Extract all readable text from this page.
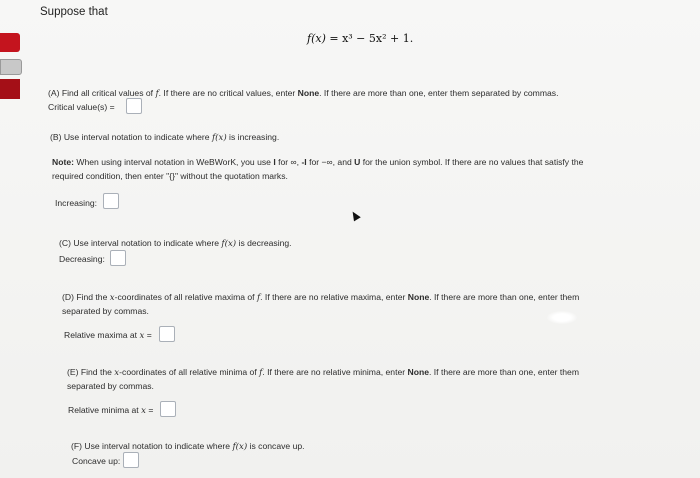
Suppose that
f(x) = x³ − 5x² + 1.
(A) Find all critical values of f. If there are no critical values, enter None. If there are more than one, enter them separated by commas.
Critical value(s) =
(B) Use interval notation to indicate where f(x) is increasing.
Note: When using interval notation in WeBWorK, you use I for ∞, -I for −∞, and U for the union symbol. If there are no values that satisfy the
required condition, then enter "{}" without the quotation marks.
Increasing:
(C) Use interval notation to indicate where f(x) is decreasing.
Decreasing:
(D) Find the x-coordinates of all relative maxima of f. If there are no relative maxima, enter None. If there are more than one, enter them
separated by commas.
Relative maxima at x =
(E) Find the x-coordinates of all relative minima of f. If there are no relative minima, enter None. If there are more than one, enter them
separated by commas.
Relative minima at x =
(F) Use interval notation to indicate where f(x) is concave up.
Concave up:
